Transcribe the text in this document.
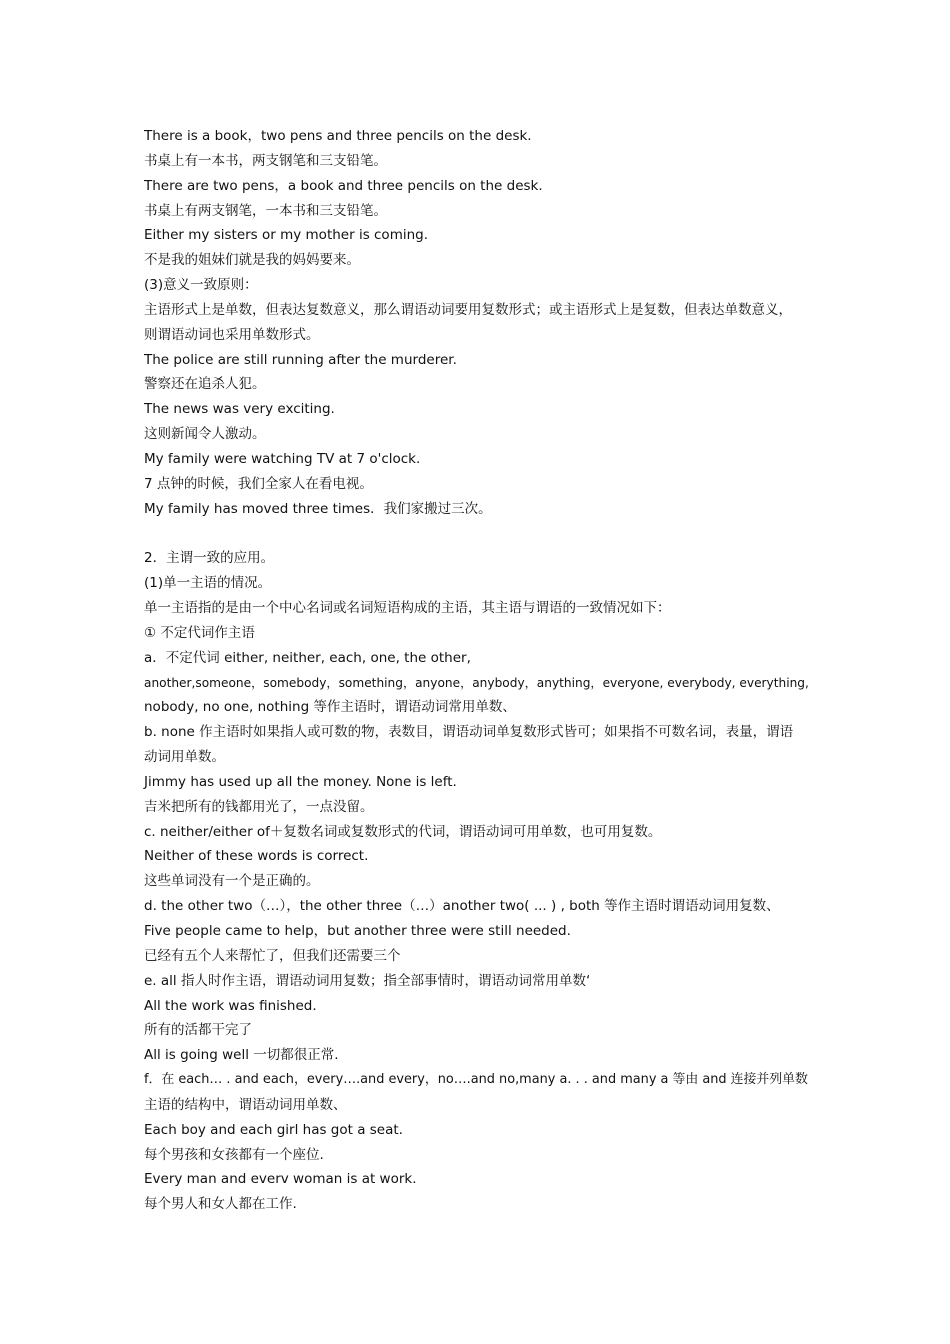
There is a book，two pens and three pencils on the desk.
书桌上有一本书，两支钢笔和三支铅笔。
There are two pens，a book and three pencils on the desk.
书桌上有两支钢笔，一本书和三支铅笔。
Either my sisters or my mother is coming.
不是我的姐妹们就是我的妈妈要来。
(3)意义一致原则：
主语形式上是单数，但表达复数意义，那么谓语动词要用复数形式；或主语形式上是复数，但表达单数意义，
则谓语动词也采用单数形式。
The police are still running after the murderer.
警察还在追杀人犯。
The news was very exciting.
这则新闻令人激动。
My family were watching TV at 7 o'clock.
7 点钟的时候，我们全家人在看电视。
My family has moved three times．我们家搬过三次。
2．主谓一致的应用。
(1)单一主语的情况。
单一主语指的是由一个中心名词或名词短语构成的主语，其主语与谓语的一致情况如下：
① 不定代词作主语
a．不定代词 either, neither, each, one, the other,
another,someone，somebody，something，anyone，anybody，anything，everyone, everybody, everything,
nobody, no one, nothing 等作主语时，谓语动词常用单数、
b. none 作主语时如果指人或可数的物，表数目，谓语动词单复数形式皆可；如果指不可数名词，表量，谓语
动词用单数。
Jimmy has used up all the money. None is left.
吉米把所有的钱都用光了，一点没留。
c. neither/either of＋复数名词或复数形式的代词，谓语动词可用单数，也可用复数。
Neither of these words is correct.
这些单词没有一个是正确的。
d. the other two（…），the other three（…）another two( ... ) , both 等作主语时谓语动词用复数、
Five people came to help，but another three were still needed.
已经有五个人来帮忙了，但我们还需要三个
e. all 指人时作主语，谓语动词用复数；指全部事情时，谓语动词常用单数‘
All the work was finished.
所有的活都干完了
All is going well 一切都很正常.
f．在 each… . and each，every….and every，no….and no,many a. . . and many a 等由 and 连接并列单数
主语的结构中，谓语动词用单数、
Each boy and each girl has got a seat.
每个男孩和女孩都有一个座位.
Every man and everv woman is at work.
每个男人和女人都在工作.
